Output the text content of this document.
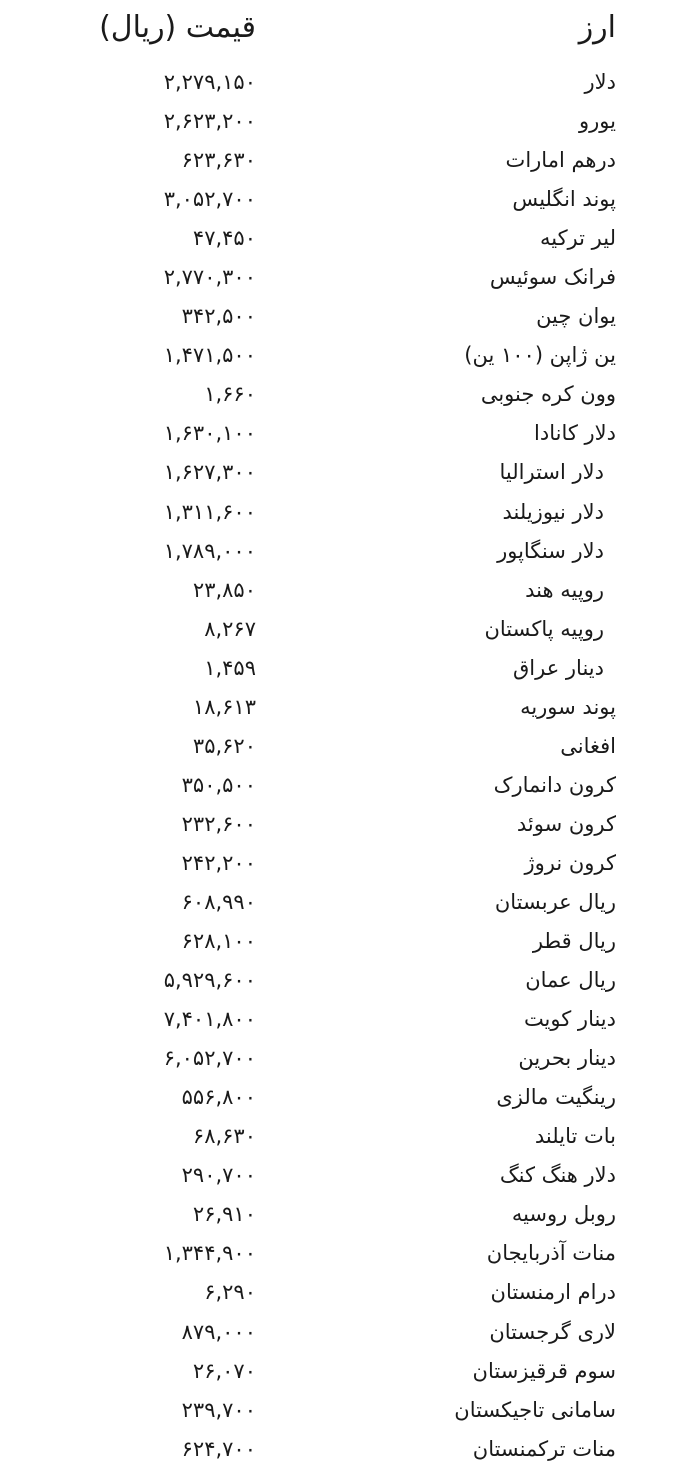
ارز
قیمت (ریال)
دلار
۲,۲۷۹,۱۵۰
یورو
۲,۶۲۳,۲۰۰
درهم امارات
۶۲۳,۶۳۰
پوند انگلیس
۳,۰۵۲,۷۰۰
لیر ترکیه
۴۷,۴۵۰
فرانک سوئیس
۲,۷۷۰,۳۰۰
یوان چین
۳۴۲,۵۰۰
ین ژاپن (۱۰۰ ین)
۱,۴۷۱,۵۰۰
وون کره جنوبی
۱,۶۶۰
دلار کانادا
۱,۶۳۰,۱۰۰
دلار استرالیا
۱,۶۲۷,۳۰۰
دلار نیوزیلند
۱,۳۱۱,۶۰۰
دلار سنگاپور
۱,۷۸۹,۰۰۰
روپیه هند
۲۳,۸۵۰
روپیه پاکستان
۸,۲۶۷
دینار عراق
۱,۴۵۹
پوند سوریه
۱۸,۶۱۳
افغانی
۳۵,۶۲۰
کرون دانمارک
۳۵۰,۵۰۰
کرون سوئد
۲۳۲,۶۰۰
کرون نروژ
۲۴۲,۲۰۰
ریال عربستان
۶۰۸,۹۹۰
ریال قطر
۶۲۸,۱۰۰
ریال عمان
۵,۹۲۹,۶۰۰
دینار کویت
۷,۴۰۱,۸۰۰
دینار بحرین
۶,۰۵۲,۷۰۰
رینگیت مالزی
۵۵۶,۸۰۰
بات تایلند
۶۸,۶۳۰
دلار هنگ کنگ
۲۹۰,۷۰۰
روبل روسیه
۲۶,۹۱۰
منات آذربایجان
۱,۳۴۴,۹۰۰
درام ارمنستان
۶,۲۹۰
لاری گرجستان
۸۷۹,۰۰۰
سوم قرقیزستان
۲۶,۰۷۰
سامانی تاجیکستان
۲۳۹,۷۰۰
منات ترکمنستان
۶۲۴,۷۰۰
